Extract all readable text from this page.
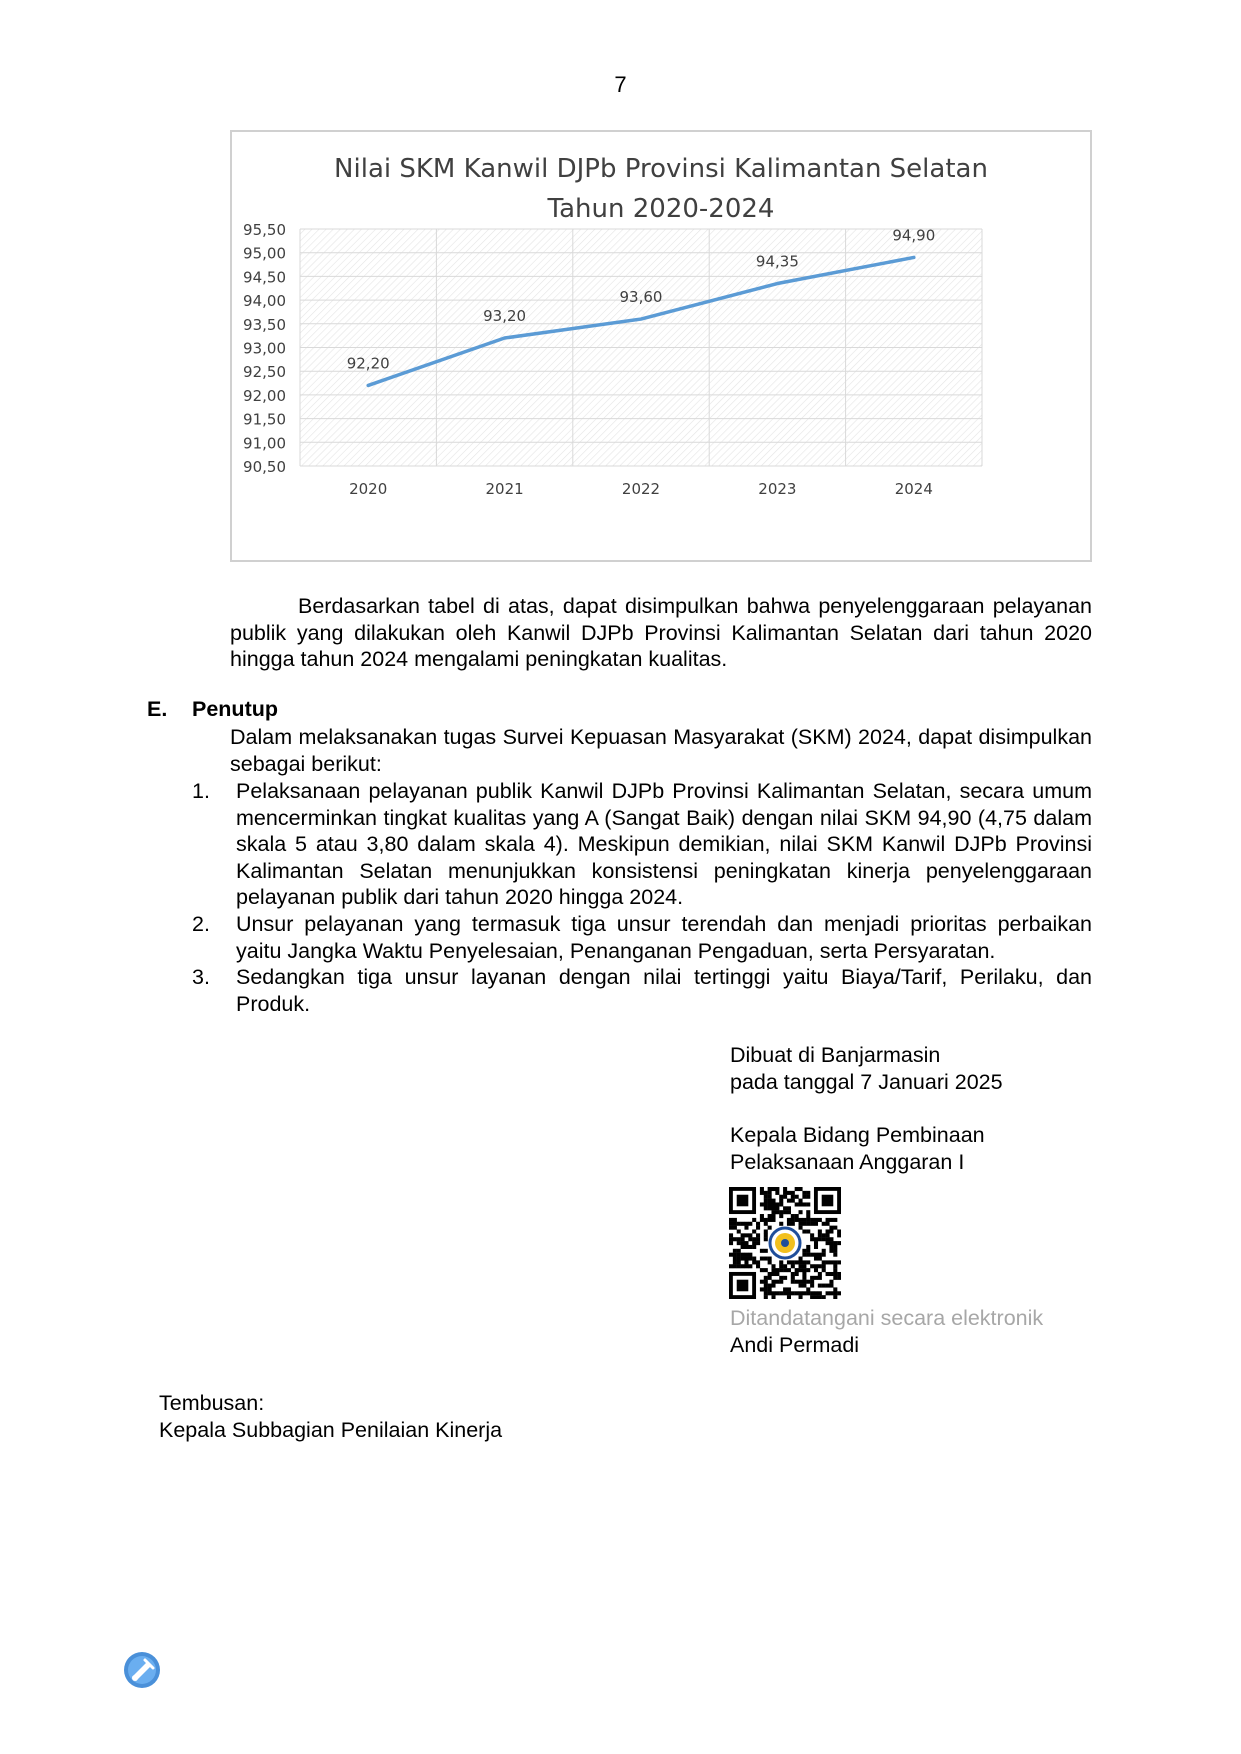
7
Nilai SKM Kanwil DJPb Provinsi Kalimantan Selatan
Tahun 2020-2024
95,50
95,00
94,50
94,00
93,50
93,00
92,50
92,00
91,50
91,00
90,50
92,20
2020
93,20
2021
93,60
2022
94,35
2023
94,90
2024
Berdasarkan tabel di atas, dapat disimpulkan bahwa penyelenggaraan pelayanan publik yang dilakukan oleh Kanwil DJPb Provinsi Kalimantan Selatan dari tahun 2020 hingga tahun 2024 mengalami peningkatan kualitas.
E. Penutup
Dalam melaksanakan tugas Survei Kepuasan Masyarakat (SKM) 2024, dapat disimpulkan sebagai berikut:
1. Pelaksanaan pelayanan publik Kanwil DJPb Provinsi Kalimantan Selatan, secara umum mencerminkan tingkat kualitas yang A (Sangat Baik) dengan nilai SKM 94,90 (4,75 dalam skala 5 atau 3,80 dalam skala 4). Meskipun demikian, nilai SKM Kanwil DJPb Provinsi Kalimantan Selatan menunjukkan konsistensi peningkatan kinerja penyelenggaraan pelayanan publik dari tahun 2020 hingga 2024.
2. Unsur pelayanan yang termasuk tiga unsur terendah dan menjadi prioritas perbaikan yaitu Jangka Waktu Penyelesaian, Penanganan Pengaduan, serta Persyaratan.
3. Sedangkan tiga unsur layanan dengan nilai tertinggi yaitu Biaya/Tarif, Perilaku, dan Produk.
Dibuat di Banjarmasin
pada tanggal 7 Januari 2025
Kepala Bidang Pembinaan
Pelaksanaan Anggaran I
Ditandatangani secara elektronik
Andi Permadi
Tembusan:
Kepala Subbagian Penilaian Kinerja
